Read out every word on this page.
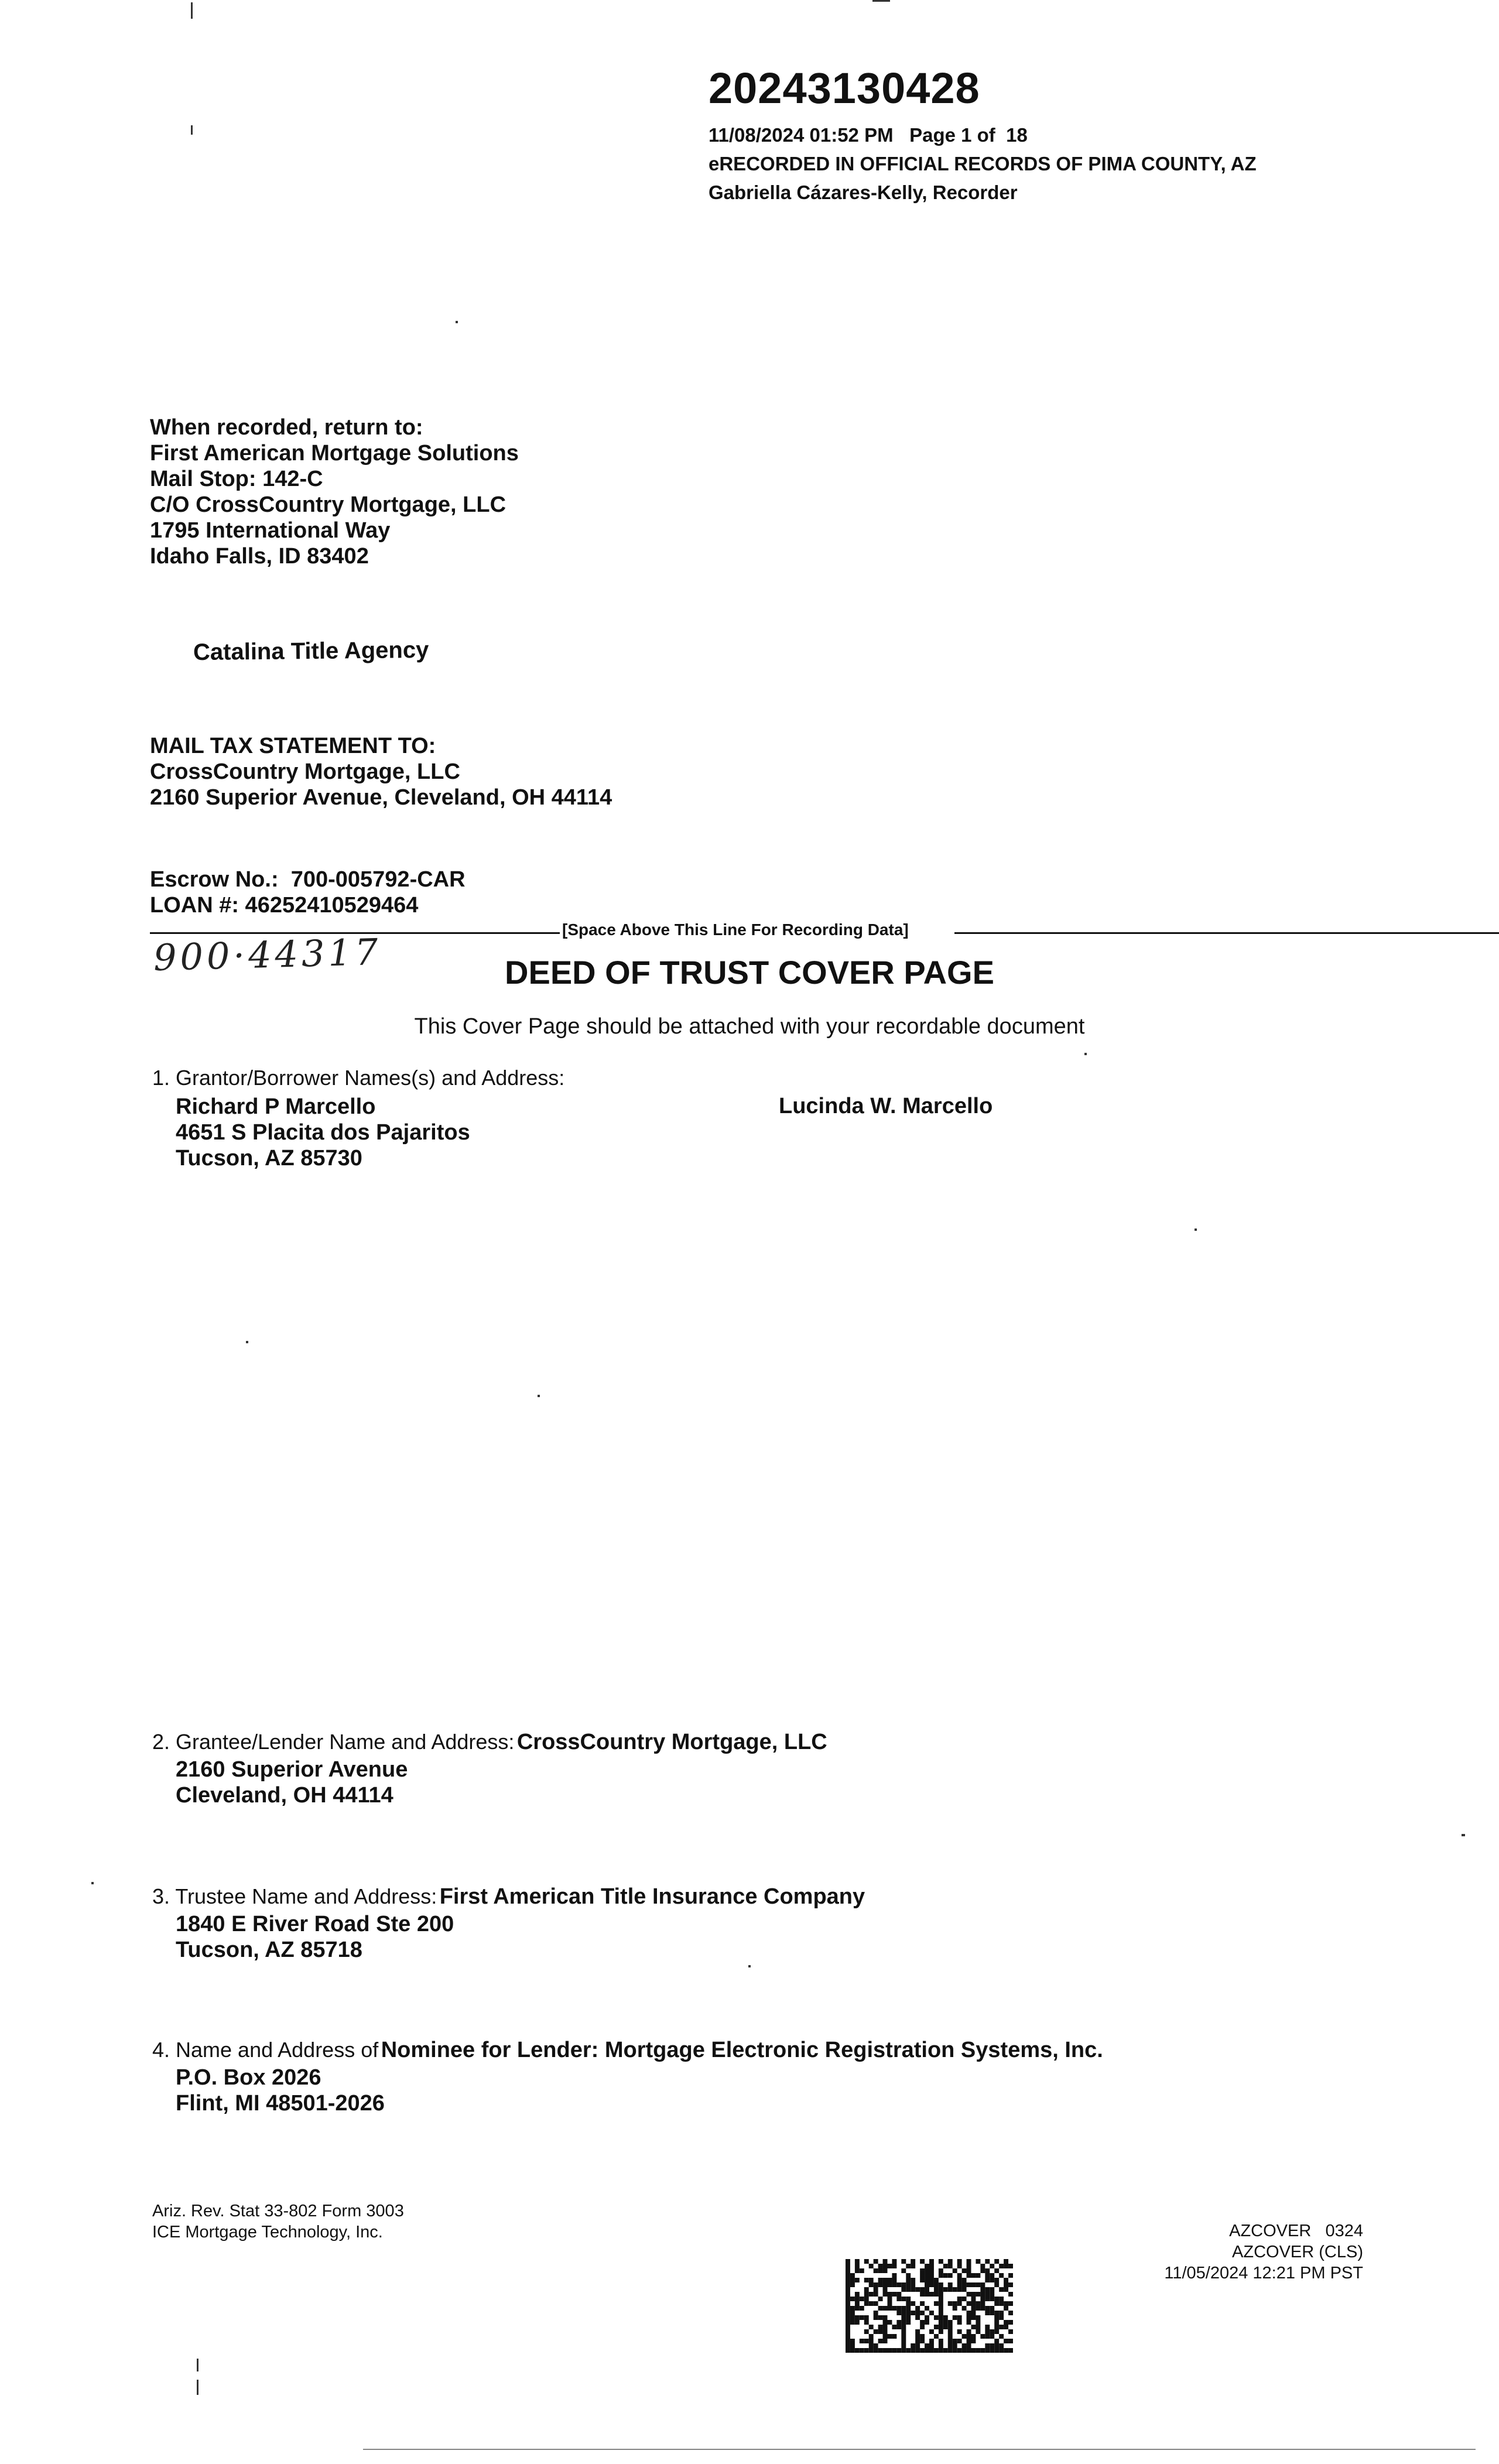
20243130428
11/08/2024 01:52 PM   Page 1 of  18
eRECORDED IN OFFICIAL RECORDS OF PIMA COUNTY, AZ
Gabriella Cázares-Kelly, Recorder
When recorded, return to:
First American Mortgage Solutions
Mail Stop: 142-C
C/O CrossCountry Mortgage, LLC
1795 International Way
Idaho Falls, ID 83402
Catalina Title Agency
MAIL TAX STATEMENT TO:
CrossCountry Mortgage, LLC
2160 Superior Avenue, Cleveland, OH 44114
Escrow No.:  700-005792-CAR
LOAN #: 46252410529464
[Space Above This Line For Recording Data]
900·44317	DEED OF TRUST COVER PAGE
This Cover Page should be attached with your recordable document
1. Grantor/Borrower Names(s) and Address:
Richard P Marcello
4651 S Placita dos Pajaritos
Tucson, AZ 85730
Lucinda W. Marcello
2. Grantee/Lender Name and Address: CrossCountry Mortgage, LLC
2160 Superior Avenue
Cleveland, OH 44114
3. Trustee Name and Address: First American Title Insurance Company
1840 E River Road Ste 200
Tucson, AZ 85718
4. Name and Address of Nominee for Lender: Mortgage Electronic Registration Systems, Inc.
P.O. Box 2026
Flint, MI 48501-2026
Ariz. Rev. Stat 33-802 Form 3003
ICE Mortgage Technology, Inc.	AZCOVER   0324
AZCOVER (CLS)
11/05/2024 12:21 PM PST
